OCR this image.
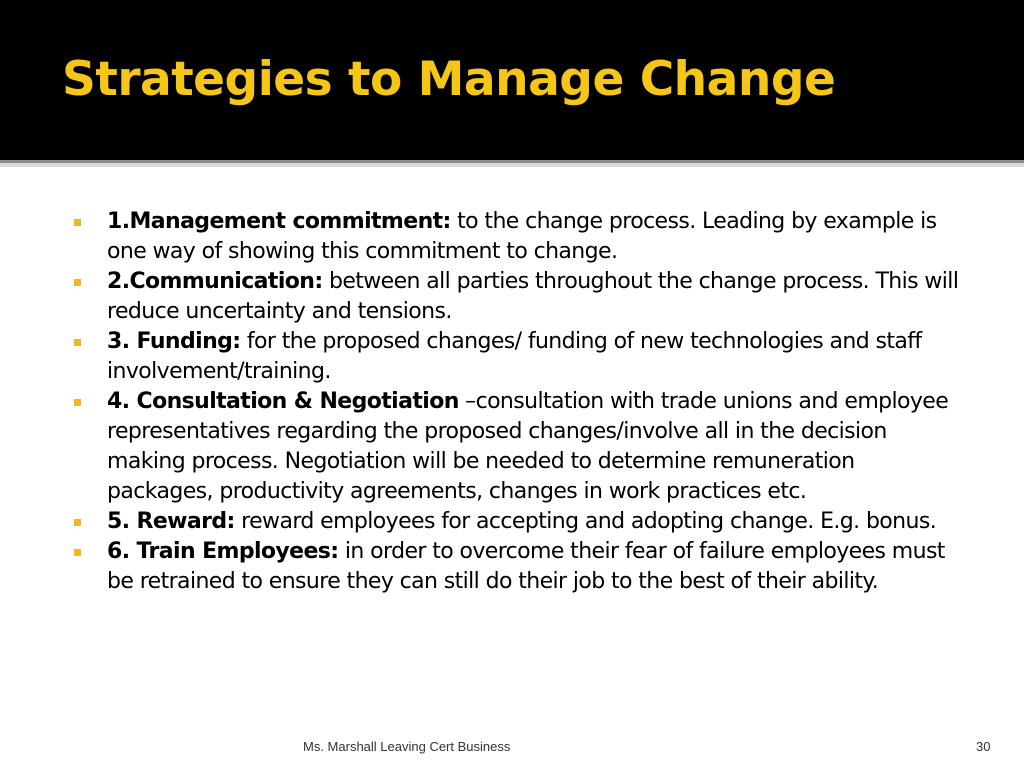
Strategies to Manage Change
1.Management commitment: to the change process. Leading by example is one way of showing this commitment to change.
2.Communication: between all parties throughout the change process. This will reduce uncertainty and tensions.
3. Funding: for the proposed changes/ funding of new technologies and staff involvement/training.
4. Consultation & Negotiation –consultation with trade unions and employee representatives regarding the proposed changes/involve all in the decision making process. Negotiation will be needed to determine remuneration packages, productivity agreements, changes in work practices etc.
5. Reward: reward employees for accepting and adopting change. E.g. bonus.
6. Train Employees: in order to overcome their fear of failure employees must be retrained to ensure they can still do their job to the best of their ability.
Ms. Marshall Leaving Cert Business	30
